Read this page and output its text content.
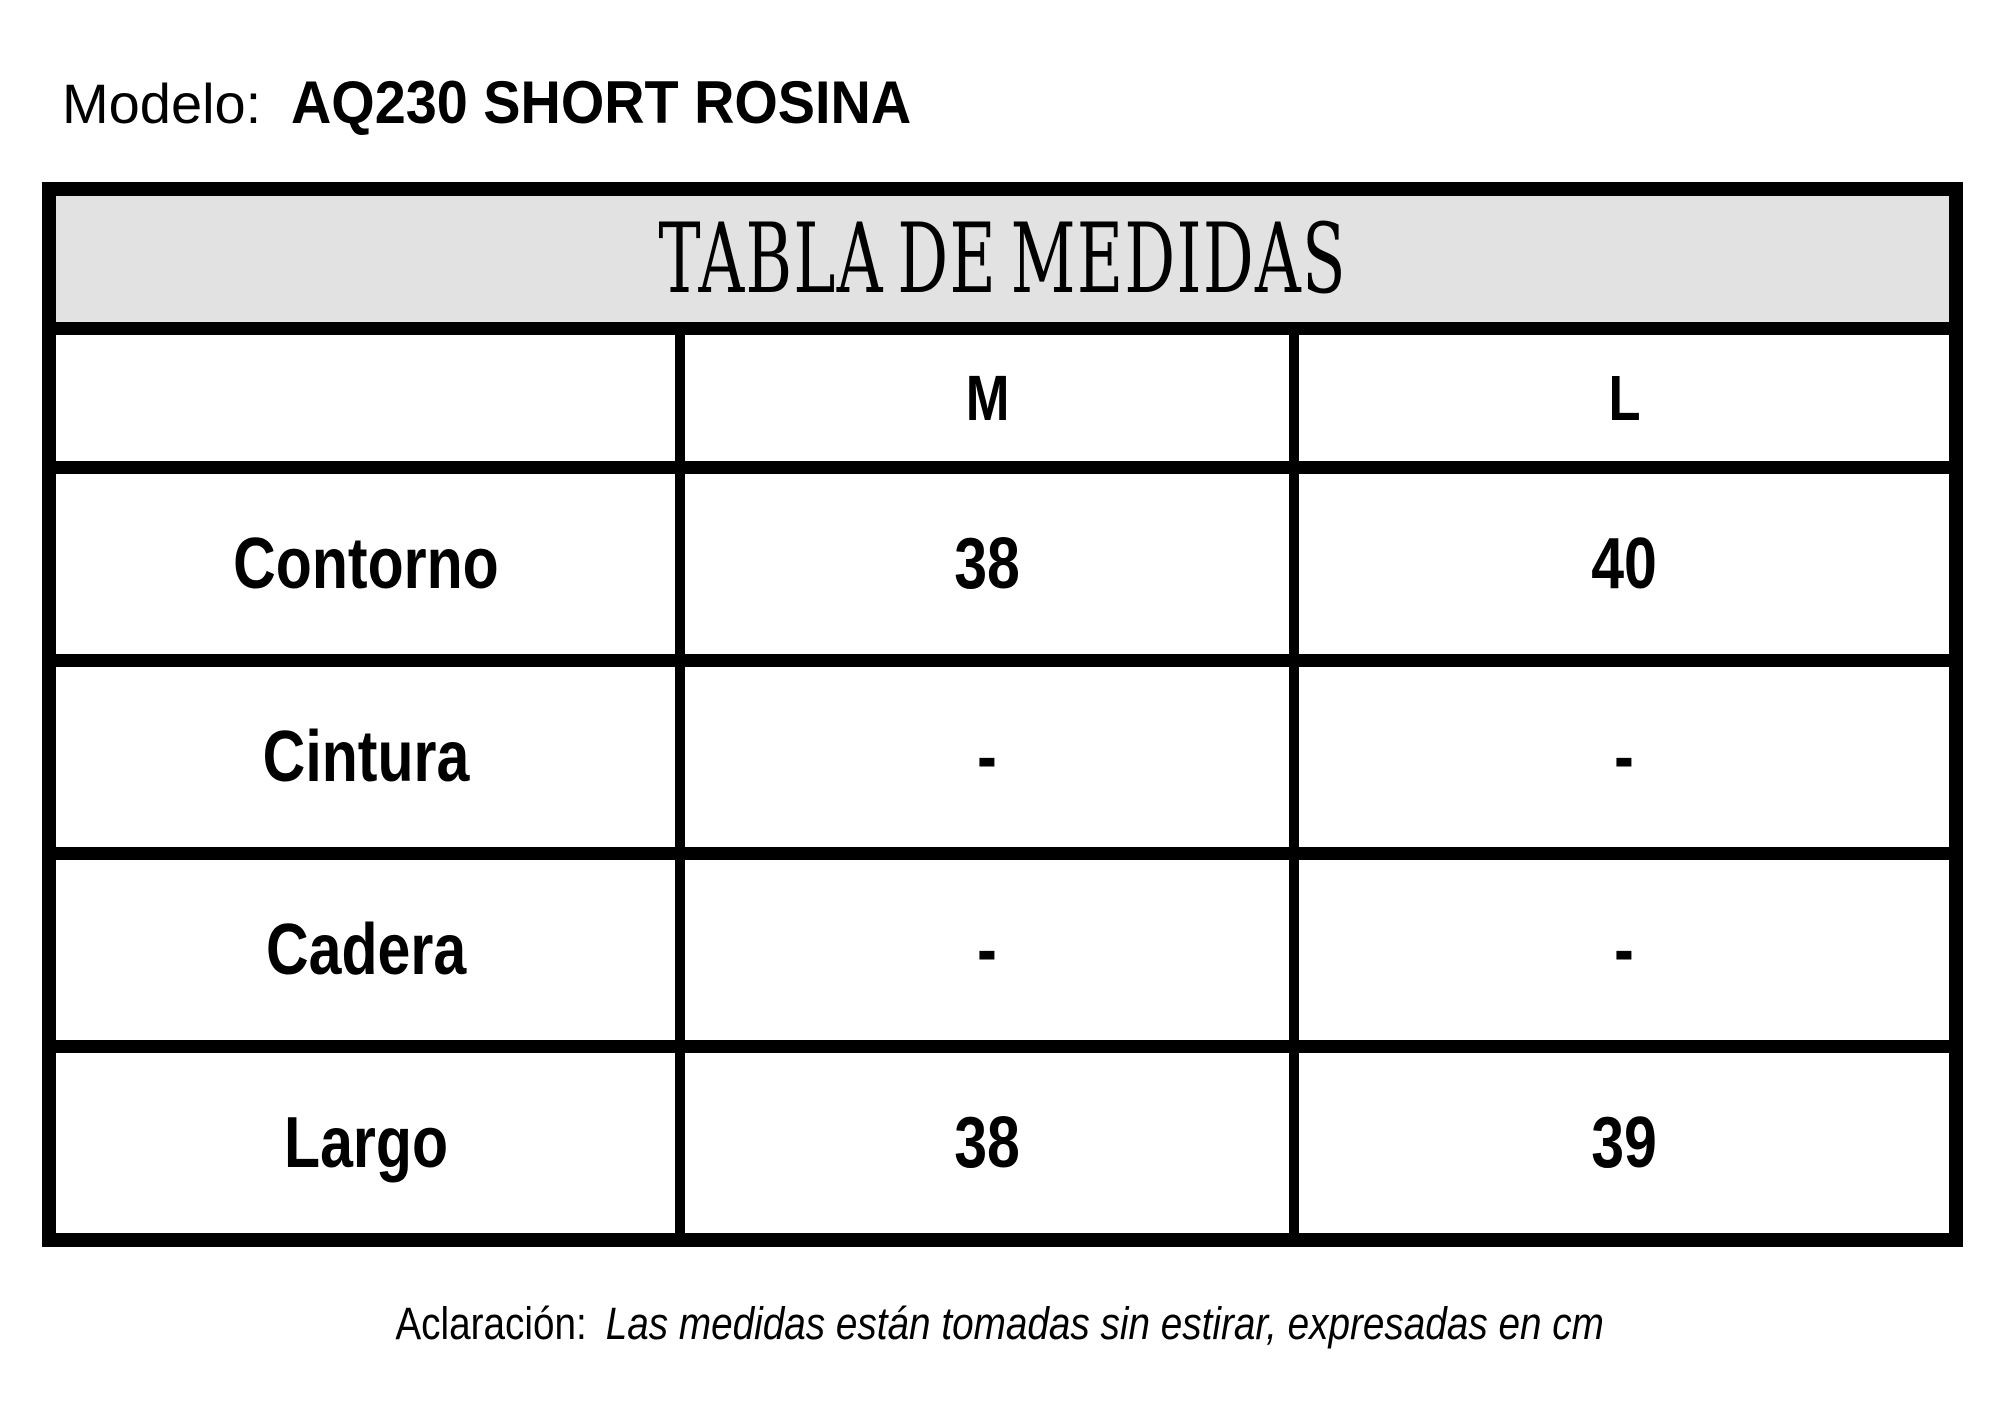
Modelo: AQ230 SHORT ROSINA
TABLA DE MEDIDAS		
	M	L
Contorno	38	40
Cintura	-	-
Cadera	-	-
Largo	38	39
Aclaración: Las medidas están tomadas sin estirar, expresadas en cm
